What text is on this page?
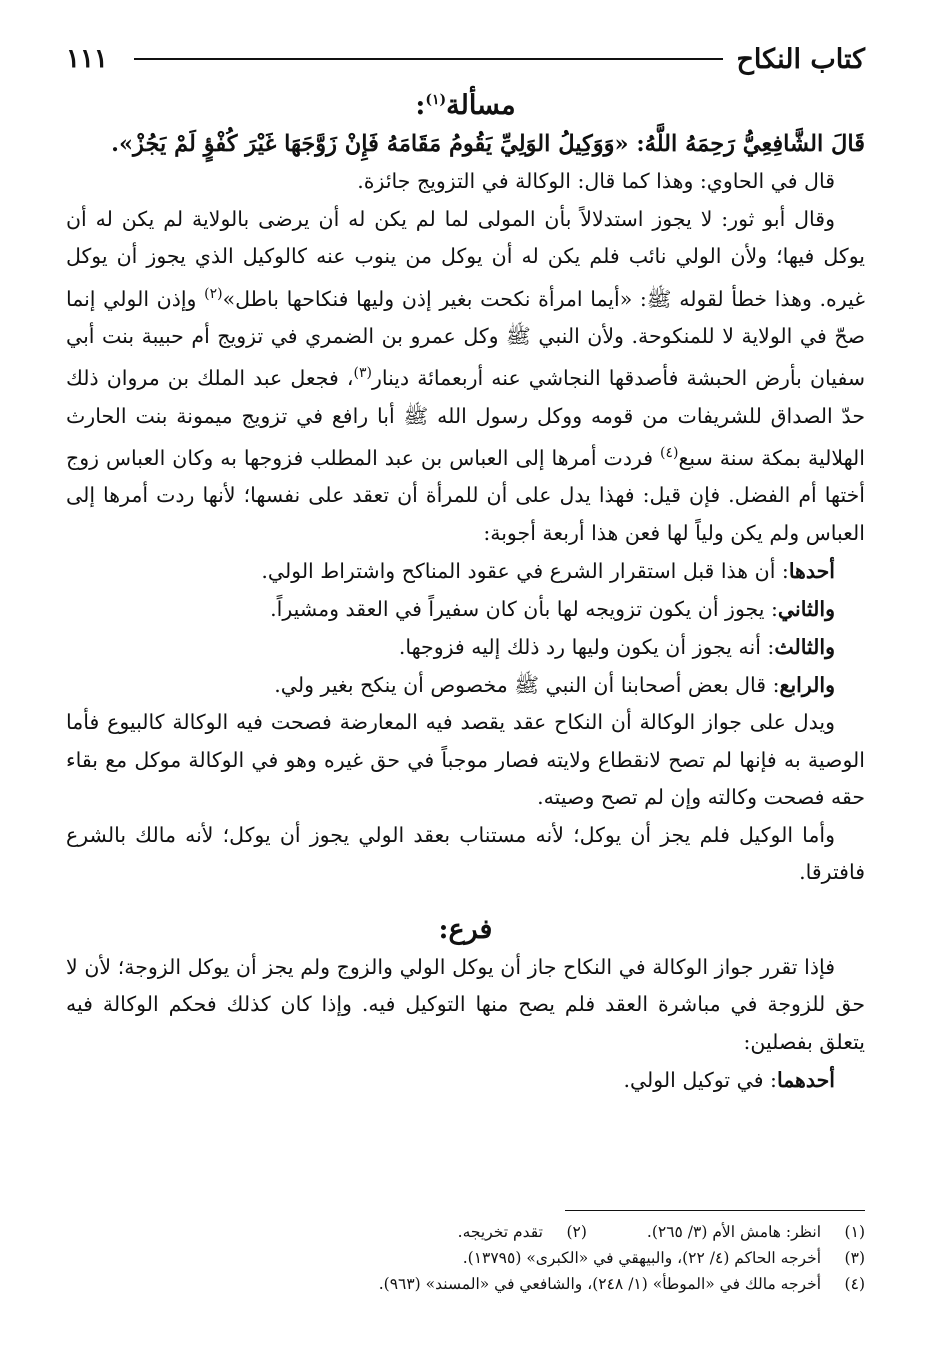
كتاب النكاح
١١١
مسألة$^{(١)}$:

قَالَ الشَّافِعِيُّ رَحِمَهُ اللَّهُ: «وَوَكِيلُ الوَلِيِّ يَقُومُ مَقَامَهُ فَإِنْ زَوَّجَهَا غَيْرَ كُفْؤٍ لَمْ يَجُزْ».

قال في الحاوي: وهذا كما قال: الوكالة في التزويج جائزة.

وقال أبو ثور: لا يجوز استدلالاً بأن المولى لما لم يكن له أن يرضى بالولاية لم يكن له أن يوكل فيها؛ ولأن الولي نائب فلم يكن له أن يوكل من ينوب عنه كالوكيل الذي يجوز أن يوكل غيره. وهذا خطأ لقوله ﷺ: «أيما امرأة نكحت بغير إذن وليها فنكاحها باطل»$^{(٢)}$ وإذن الولي إنما صحّ في الولاية لا للمنكوحة. ولأن النبي ﷺ وكل عمرو بن الضمري في تزويج أم حبيبة بنت أبي سفيان بأرض الحبشة فأصدقها النجاشي عنه أربعمائة دينار$^{(٣)}$، فجعل عبد الملك بن مروان ذلك حدّ الصداق للشريفات من قومه ووكل رسول الله ﷺ أبا رافع في تزويج ميمونة بنت الحارث الهلالية بمكة سنة سبع$^{(٤)}$ فردت أمرها إلى العباس بن عبد المطلب فزوجها به وكان العباس زوج أختها أم الفضل. فإن قيل: فهذا يدل على أن للمرأة أن تعقد على نفسها؛ لأنها ردت أمرها إلى العباس ولم يكن ولياً لها فعن هذا أربعة أجوبة:

أحدها: أن هذا قبل استقرار الشرع في عقود المناكح واشتراط الولي.
والثاني: يجوز أن يكون تزويجه لها بأن كان سفيراً في العقد ومشيراً.
والثالث: أنه يجوز أن يكون وليها رد ذلك إليه فزوجها.
والرابع: قال بعض أصحابنا أن النبي ﷺ مخصوص أن ينكح بغير ولي.

ويدل على جواز الوكالة أن النكاح عقد يقصد فيه المعارضة فصحت فيه الوكالة كالبيوع فأما الوصية به فإنها لم تصح لانقطاع ولايته فصار موجباً في حق غيره وهو في الوكالة موكل مع بقاء حقه فصحت وكالته وإن لم تصح وصيته.

وأما الوكيل فلم يجز أن يوكل؛ لأنه مستناب بعقد الولي يجوز أن يوكل؛ لأنه مالك بالشرع فافترقا.

فرع:

فإذا تقرر جواز الوكالة في النكاح جاز أن يوكل الولي والزوج ولم يجز أن يوكل الزوجة؛ لأن لا حق للزوجة في مباشرة العقد فلم يصح منها التوكيل فيه. وإذا كان كذلك فحكم الوكالة فيه يتعلق بفصلين:

أحدهما: في توكيل الولي.

(١)
انظر: هامش الأم (٣/ ٢٦٥).
(٢)
تقدم تخريجه.
(٣)
أخرجه الحاكم (٤/ ٢٢)، والبيهقي في «الكبرى» (١٣٧٩٥).
(٤)
أخرجه مالك في «الموطأ» (١/ ٢٤٨)، والشافعي في «المسند» (٩٦٣).
